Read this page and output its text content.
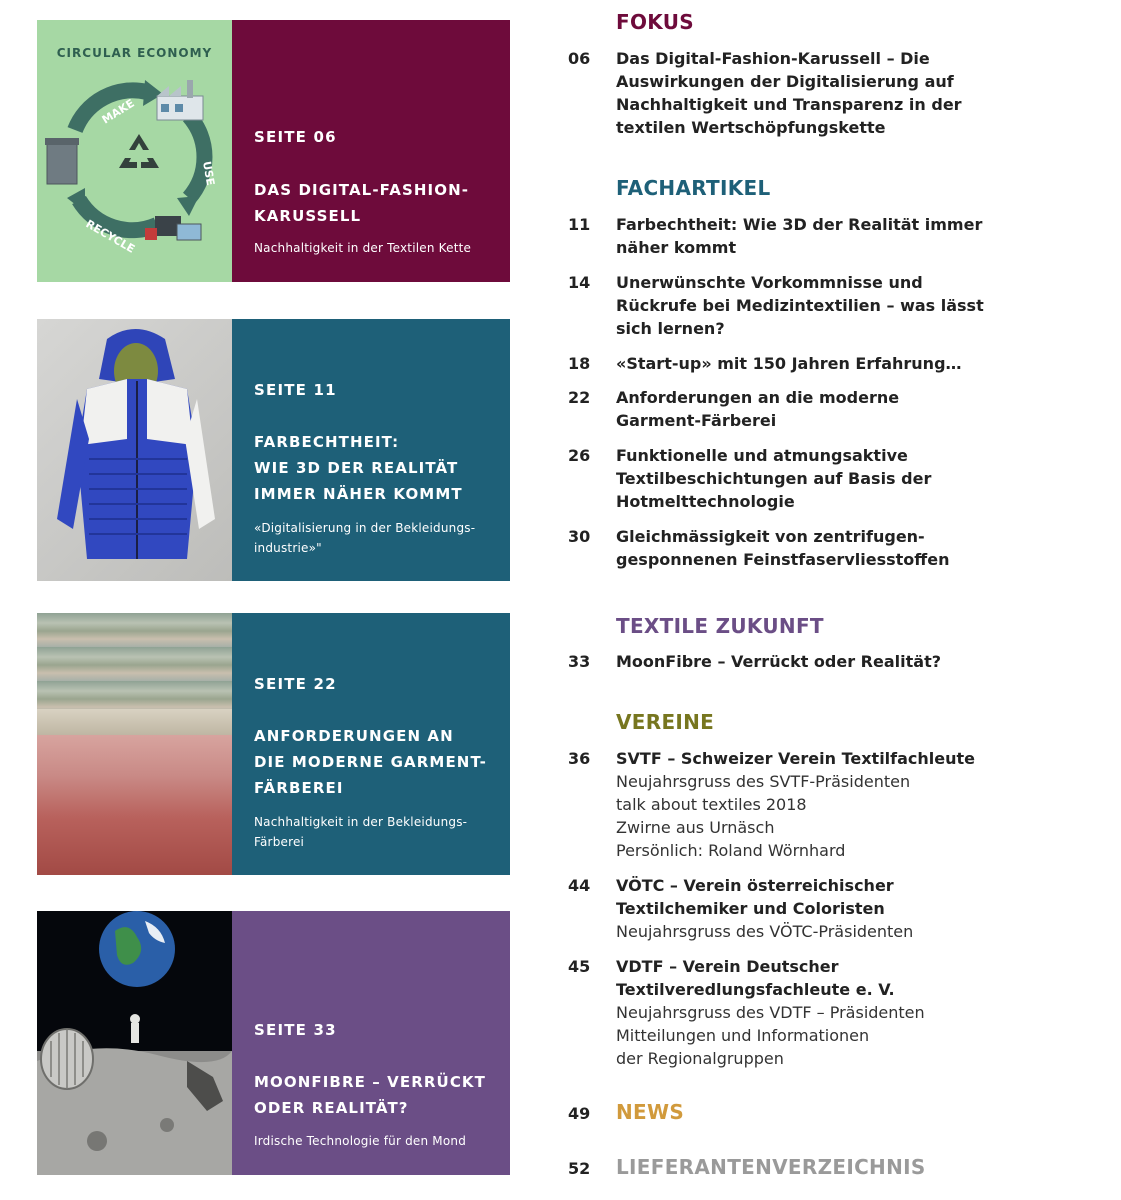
CIRCULAR ECONOMY
MAKE
USE
RECYCLE
SEITE 06
DAS DIGITAL-FASHION-
KARUSSELL
Nachhaltigkeit in der Textilen Kette
SEITE 11
FARBECHTHEIT:
WIE 3D DER REALITÄT
IMMER NÄHER KOMMT
«Digitalisierung in der Bekleidungs-
industrie»"
SEITE 22
ANFORDERUNGEN AN
DIE MODERNE GARMENT-
FÄRBEREI
Nachhaltigkeit in der Bekleidungs-
Färberei
SEITE 33
MOONFIBRE – VERRÜCKT
ODER REALITÄT?
Irdische Technologie für den Mond
FOKUS
06 Das Digital-Fashion-Karussell – Die
Auswirkungen der Digitalisierung auf
Nachhaltigkeit und Transparenz in der
textilen Wertschöpfungskette
FACHARTIKEL
11 Farbechtheit: Wie 3D der Realität immer
näher kommt
14 Unerwünschte Vorkommnisse und
Rückrufe bei Medizintextilien – was lässt
sich lernen?
18 «Start-up» mit 150 Jahren Erfahrung…
22 Anforderungen an die moderne
Garment-Färberei
26 Funktionelle und atmungsaktive
Textilbeschichtungen auf Basis der
Hotmelttechnologie
30 Gleichmässigkeit von zentrifugen-
gesponnenen Feinstfaservliesstoffen
TEXTILE ZUKUNFT
33 MoonFibre – Verrückt oder Realität?
VEREINE
36 SVTF – Schweizer Verein Textilfachleute
Neujahrsgruss des SVTF-Präsidenten
talk about textiles 2018
Zwirne aus Urnäsch
Persönlich: Roland Wörnhard
44 VÖTC – Verein österreichischer
Textilchemiker und Coloristen
Neujahrsgruss des VÖTC-Präsidenten
45 VDTF – Verein Deutscher
Textilveredlungsfachleute e. V.
Neujahrsgruss des VDTF – Präsidenten
Mitteilungen und Informationen
der Regionalgruppen
49 NEWS
52 LIEFERANTENVERZEICHNIS
